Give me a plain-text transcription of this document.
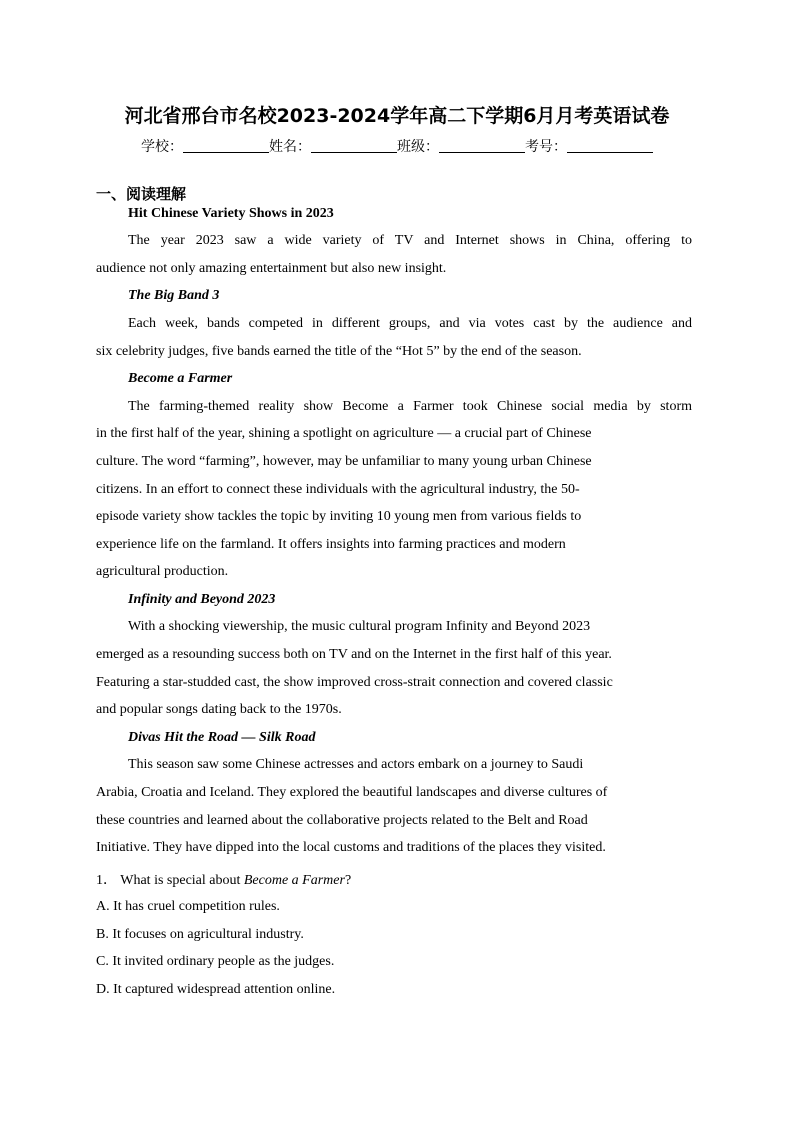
河北省邢台市名校2023-2024学年高二下学期6月月考英语试卷
学校：	姓名：	班级：	考号：
一、阅读理解
Hit Chinese Variety Shows in 2023
The year 2023 saw a wide variety of TV and Internet shows in China, offering to
audience not only amazing entertainment but also new insight.
The Big Band 3
Each week, bands competed in different groups, and via votes cast by the audience and
six celebrity judges, five bands earned the title of the “Hot 5” by the end of the season.
Become a Farmer
The farming-themed reality show Become a Farmer took Chinese social media by storm
in the first half of the year, shining a spotlight on agriculture — a crucial part of Chinese
culture. The word “farming”, however, may be unfamiliar to many young urban Chinese
citizens. In an effort to connect these individuals with the agricultural industry, the 50-
episode variety show tackles the topic by inviting 10 young men from various fields to
experience life on the farmland. It offers insights into farming practices and modern
agricultural production.
Infinity and Beyond 2023
With a shocking viewership, the music cultural program Infinity and Beyond 2023
emerged as a resounding success both on TV and on the Internet in the first half of this year.
Featuring a star-studded cast, the show improved cross-strait connection and covered classic
and popular songs dating back to the 1970s.
Divas Hit the Road — Silk Road
This season saw some Chinese actresses and actors embark on a journey to Saudi
Arabia, Croatia and Iceland. They explored the beautiful landscapes and diverse cultures of
these countries and learned about the collaborative projects related to the Belt and Road
Initiative. They have dipped into the local customs and traditions of the places they visited.
1． What is special about Become a Farmer?
A. It has cruel competition rules.
B. It focuses on agricultural industry.
C. It invited ordinary people as the judges.
D. It captured widespread attention online.
